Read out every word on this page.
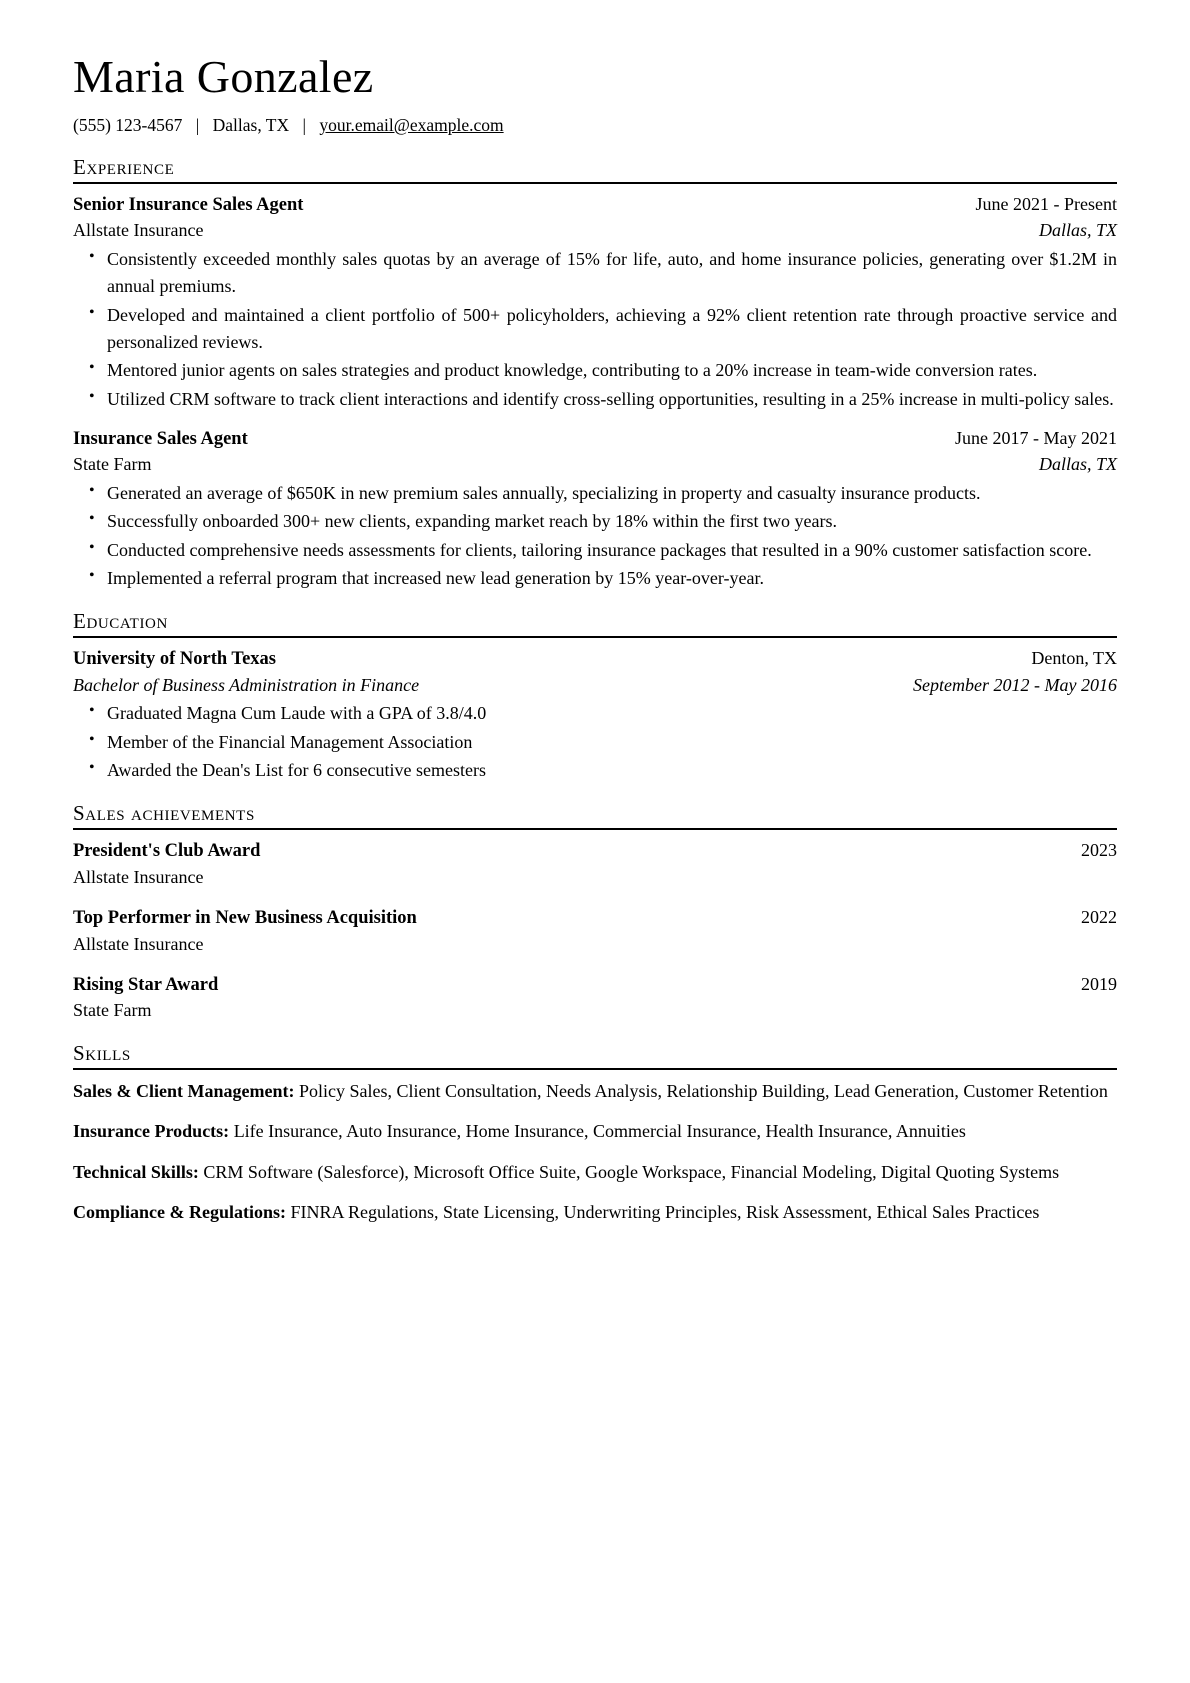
Maria Gonzalez
(555) 123-4567 | Dallas, TX | your.email@example.com
Experience
Senior Insurance Sales Agent	June 2021 - Present
Allstate Insurance	Dallas, TX
• Consistently exceeded monthly sales quotas by an average of 15% for life, auto, and home insurance policies, generating over $1.2M in annual premiums.
• Developed and maintained a client portfolio of 500+ policyholders, achieving a 92% client retention rate through proactive service and personalized reviews.
• Mentored junior agents on sales strategies and product knowledge, contributing to a 20% increase in team-wide conversion rates.
• Utilized CRM software to track client interactions and identify cross-selling opportunities, resulting in a 25% increase in multi-policy sales.
Insurance Sales Agent	June 2017 - May 2021
State Farm	Dallas, TX
• Generated an average of $650K in new premium sales annually, specializing in property and casualty insurance products.
• Successfully onboarded 300+ new clients, expanding market reach by 18% within the first two years.
• Conducted comprehensive needs assessments for clients, tailoring insurance packages that resulted in a 90% customer satisfaction score.
• Implemented a referral program that increased new lead generation by 15% year-over-year.
Education
University of North Texas	Denton, TX
Bachelor of Business Administration in Finance	September 2012 - May 2016
• Graduated Magna Cum Laude with a GPA of 3.8/4.0
• Member of the Financial Management Association
• Awarded the Dean's List for 6 consecutive semesters
Sales achievements
President's Club Award	2023
Allstate Insurance
Top Performer in New Business Acquisition	2022
Allstate Insurance
Rising Star Award	2019
State Farm
Skills

Sales & Client Management: Policy Sales, Client Consultation, Needs Analysis, Relationship Building, Lead Generation, Customer Retention

Insurance Products: Life Insurance, Auto Insurance, Home Insurance, Commercial Insurance, Health Insurance, Annuities

Technical Skills: CRM Software (Salesforce), Microsoft Office Suite, Google Workspace, Financial Modeling, Digital Quoting Systems

Compliance & Regulations: FINRA Regulations, State Licensing, Underwriting Principles, Risk Assessment, Ethical Sales Practices
